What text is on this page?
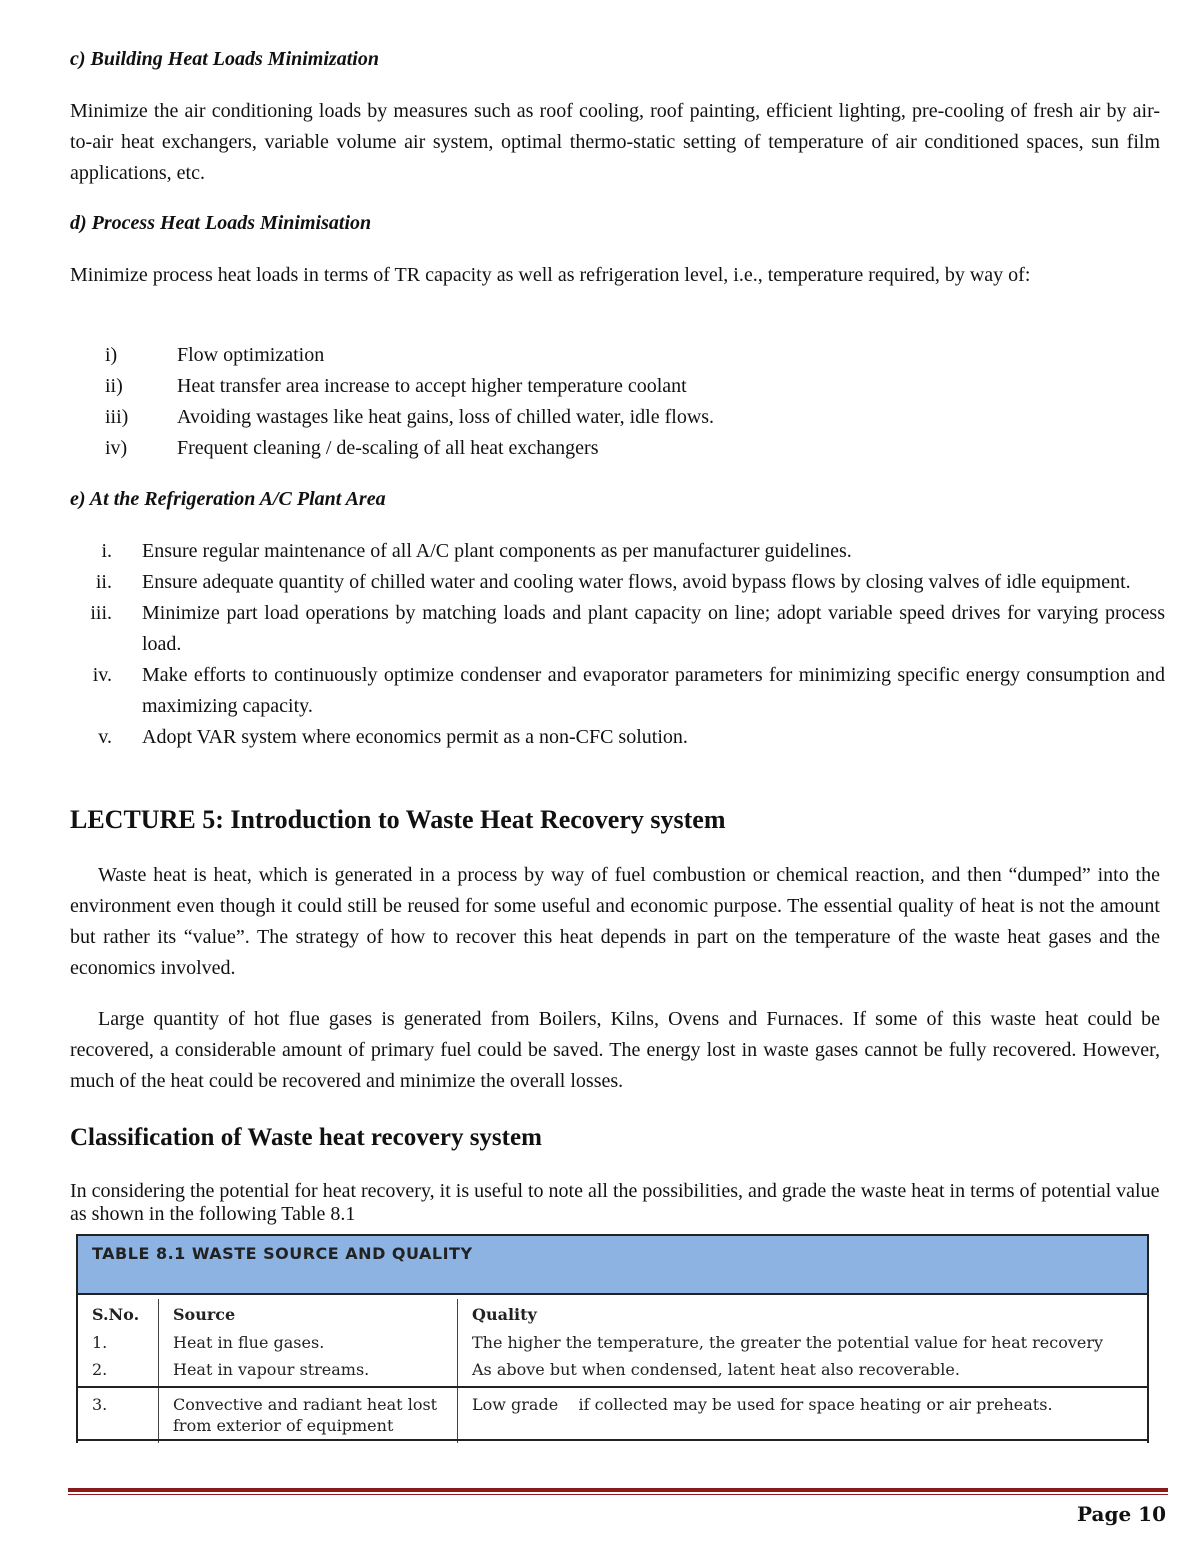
c) Building Heat Loads Minimization
Minimize the air conditioning loads by measures such as roof cooling, roof painting, efficient lighting, pre-cooling of fresh air by air- to-air heat exchangers, variable volume air system, optimal thermo-static setting of temperature of air conditioned spaces, sun film applications, etc.
d) Process Heat Loads Minimisation
Minimize process heat loads in terms of TR capacity as well as refrigeration level, i.e., temperature required, by way of:
i)	Flow optimization
ii)	Heat transfer area increase to accept higher temperature coolant
iii) Avoiding wastages like heat gains, loss of chilled water, idle flows.
iv) Frequent cleaning / de-scaling of all heat exchangers
e) At the Refrigeration A/C Plant Area
i. Ensure regular maintenance of all A/C plant components as per manufacturer guidelines.
ii. Ensure adequate quantity of chilled water and cooling water flows, avoid bypass flows by closing valves of idle equipment.
iii. Minimize part load operations by matching loads and plant capacity on line; adopt variable speed drives for varying process load.
iv. Make efforts to continuously optimize condenser and evaporator parameters for minimizing specific energy consumption and maximizing capacity.
v. Adopt VAR system where economics permit as a non-CFC solution.
LECTURE 5: Introduction to Waste Heat Recovery system
Waste heat is heat, which is generated in a process by way of fuel combustion or chemical reaction, and then “dumped” into the environment even though it could still be reused for some useful and economic purpose. The essential quality of heat is not the amount but rather its “value”. The strategy of how to recover this heat depends in part on the temperature of the waste heat gases and the economics involved.
Large quantity of hot flue gases is generated from Boilers, Kilns, Ovens and Furnaces. If some of this waste heat could be recovered, a considerable amount of primary fuel could be saved. The energy lost in waste gases cannot be fully recovered. However, much of the heat could be recovered and minimize the overall losses.
Classification of Waste heat recovery system
In considering the potential for heat recovery, it is useful to note all the possibilities, and grade the waste heat in terms of potential value as shown in the following Table 8.1
TABLE 8.1 WASTE SOURCE AND QUALITY		

S.No.	Source	Quality
1.	Heat in flue gases.	The higher the temperature, the greater the potential value for heat recovery
2.	Heat in vapour streams.	As above but when condensed, latent heat also recoverable.
3.	Convective and radiant heat lost from exterior of equipment	Low grade    if collected may be used for space heating or air preheats.

Page 10
